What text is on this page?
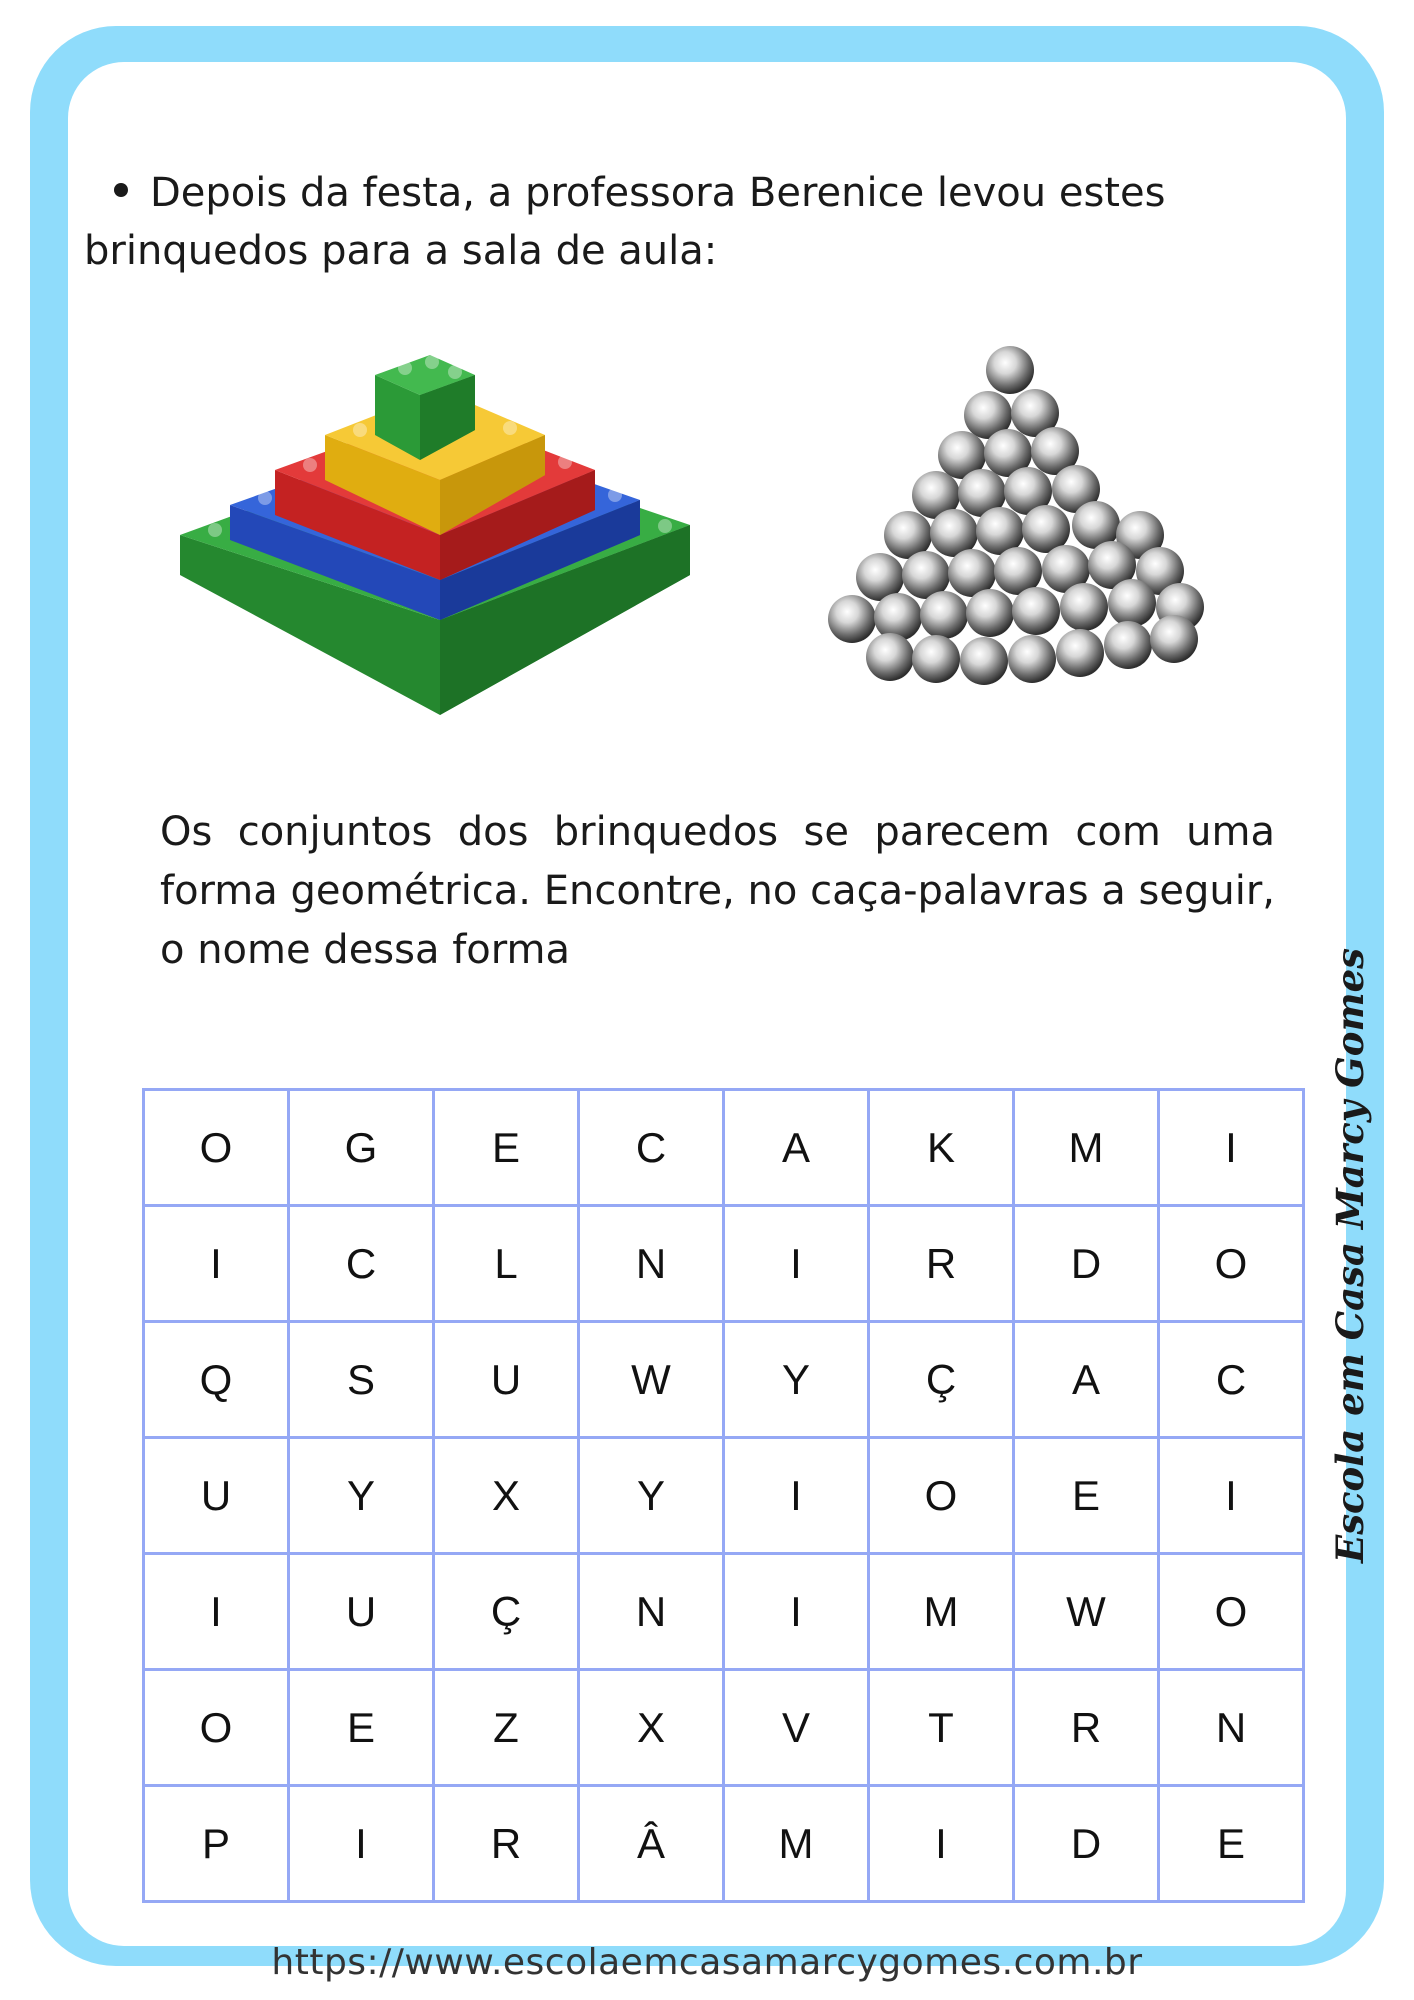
Depois da festa, a professora Berenice levou estes
brinquedos para a sala de aula:
Os conjuntos dos brinquedos se parecem com uma forma geométrica. Encontre, no caça-palavras a seguir, o nome dessa forma
O	G	E	C	A	K	M	I
I	C	L	N	I	R	D	O
Q	S	U	W	Y	Ç	A	C
U	Y	X	Y	I	O	E	I
I	U	Ç	N	I	M	W	O
O	E	Z	X	V	T	R	N
P	I	R	Â	M	I	D	E
Escola em Casa Marcy Gomes
https://www.escolaemcasamarcygomes.com.br
